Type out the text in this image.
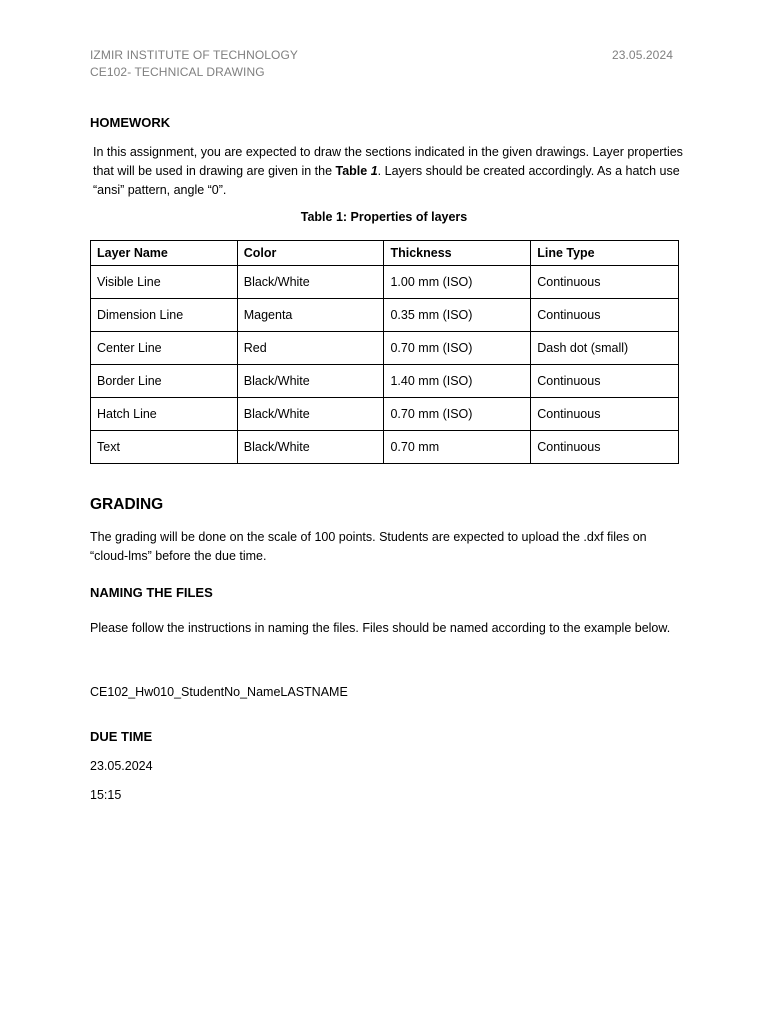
IZMIR INSTITUTE OF TECHNOLOGY

CE102- TECHNICAL DRAWING

23.05.2024

HOMEWORK

In this assignment, you are expected to draw the sections indicated in the given drawings. Layer properties that will be used in drawing are given in the Table 1. Layers should be created accordingly. As a hatch use “ansi” pattern, angle “0”.

Table 1: Properties of layers

Layer Name	Color	Thickness	Line Type
Visible Line	Black/White	1.00 mm (ISO)	Continuous
Dimension Line	Magenta	0.35 mm (ISO)	Continuous
Center Line	Red	0.70 mm (ISO)	Dash dot (small)
Border Line	Black/White	1.40 mm (ISO)	Continuous
Hatch Line	Black/White	0.70 mm (ISO)	Continuous
Text	Black/White	0.70 mm	Continuous

GRADING

The grading will be done on the scale of 100 points. Students are expected to upload the .dxf files on “cloud-lms” before the due time.

NAMING THE FILES

Please follow the instructions in naming the files. Files should be named according to the example below.

CE102_Hw010_StudentNo_NameLASTNAME

DUE TIME

23.05.2024

15:15
